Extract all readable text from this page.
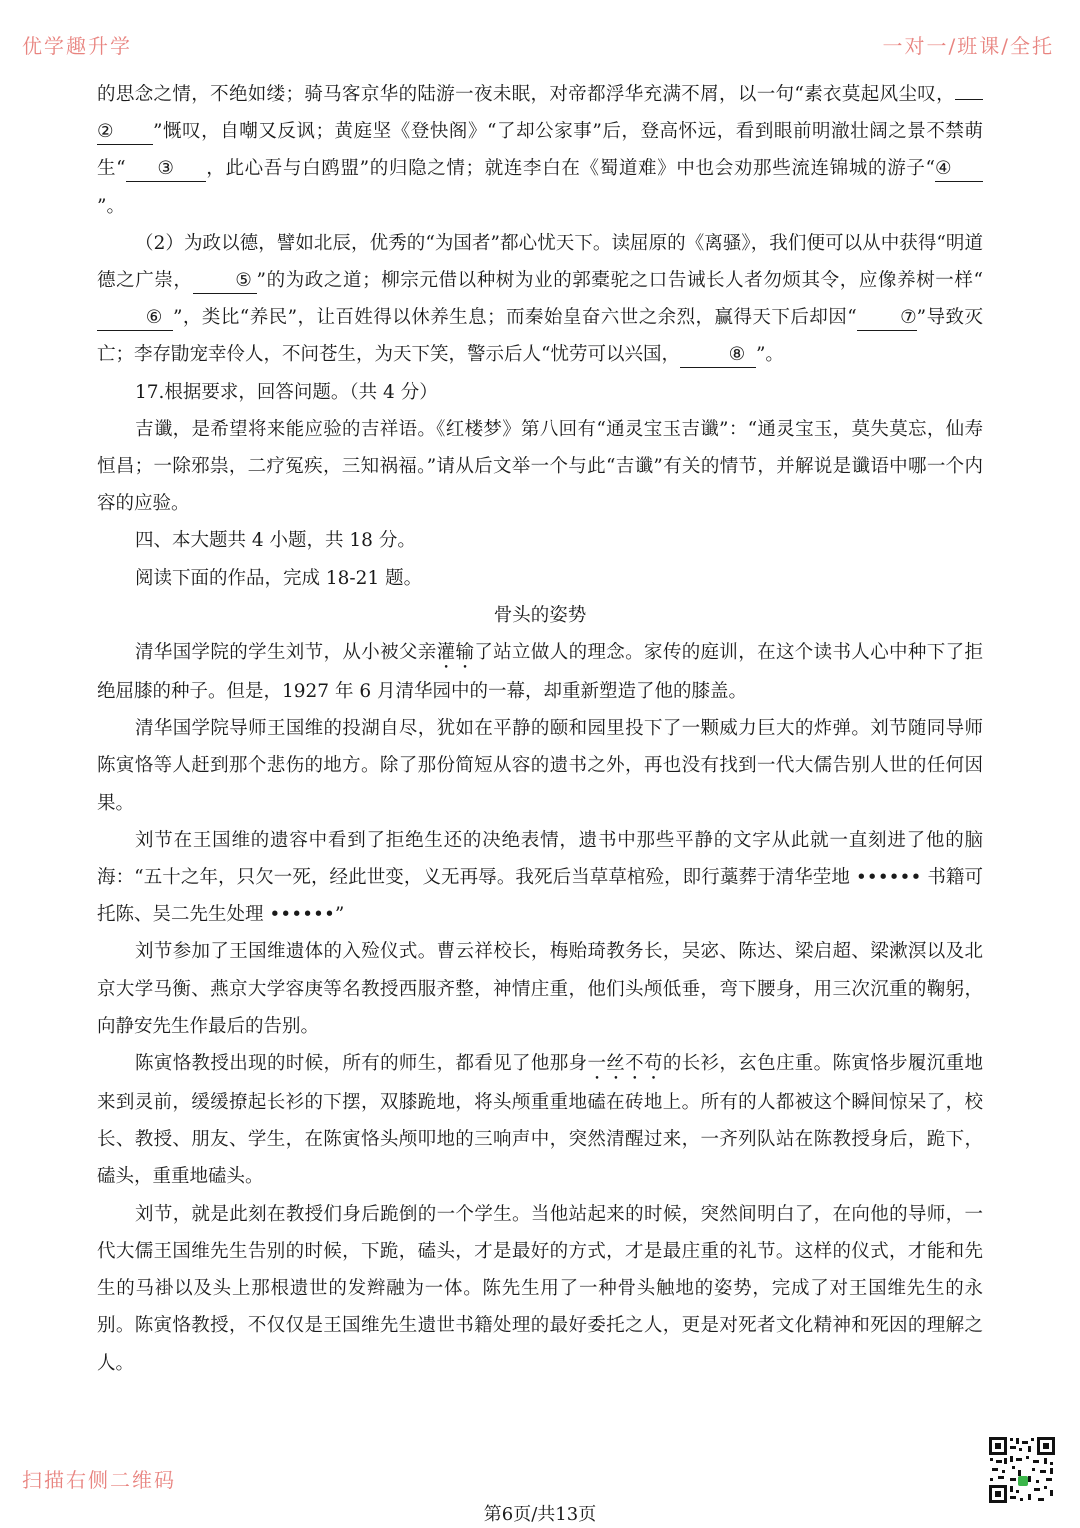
优学趣升学	一对一/班课/全托

的思念之情，不绝如缕；骑马客京华的陆游一夜未眠，对帝都浮华充满不屑，以一句“素衣莫起风尘叹， ② ”慨叹，自嘲又反讽；黄庭坚《登快阁》“了却公家事”后，登高怀远，看到眼前明澈壮阔之景不禁萌生“ ③ ，此心吾与白鸥盟”的归隐之情；就连李白在《蜀道难》中也会劝那些流连锦城的游子“④”。

（2）为政以德，譬如北辰，优秀的“为国者”都心忧天下。读屈原的《离骚》，我们便可以从中获得“明道德之广崇， ⑤ ”的为政之道；柳宗元借以种树为业的郭橐驼之口告诫长人者勿烦其令，应像养树一样“⑥ ”，类比“养民”，让百姓得以休养生息；而秦始皇奋六世之余烈，赢得天下后却因“ ⑦”导致灭亡；李存勖宠幸伶人，不问苍生，为天下笑，警示后人“忧劳可以兴国，	⑧ ”。

17.根据要求，回答问题。（共 4 分）

吉谶，是希望将来能应验的吉祥语。《红楼梦》第八回有“通灵宝玉吉谶”：“通灵宝玉，莫失莫忘，仙寿恒昌；一除邪祟，二疗冤疾，三知祸福。”请从后文举一个与此“吉谶”有关的情节，并解说是谶语中哪一个内容的应验。

四、本大题共 4 小题，共 18 分。

阅读下面的作品，完成 18-21 题。

骨头的姿势

清华国学院的学生刘节，从小被父亲灌输了站立做人的理念。家传的庭训，在这个读书人心中种下了拒绝屈膝的种子。但是，1927 年 6 月清华园中的一幕，却重新塑造了他的膝盖。

清华国学院导师王国维的投湖自尽，犹如在平静的颐和园里投下了一颗威力巨大的炸弹。刘节随同导师陈寅恪等人赶到那个悲伤的地方。除了那份简短从容的遗书之外，再也没有找到一代大儒告别人世的任何因果。

刘节在王国维的遗容中看到了拒绝生还的决绝表情，遗书中那些平静的文字从此就一直刻进了他的脑海：“五十之年，只欠一死，经此世变，义无再辱。我死后当草草棺殓，即行藁葬于清华茔地 •••••• 书籍可托陈、吴二先生处理 ••••••”

刘节参加了王国维遗体的入殓仪式。曹云祥校长，梅贻琦教务长，吴宓、陈达、梁启超、梁漱溟以及北京大学马衡、燕京大学容庚等名教授西服齐整，神情庄重，他们头颅低垂，弯下腰身，用三次沉重的鞠躬，向静安先生作最后的告别。

陈寅恪教授出现的时候，所有的师生，都看见了他那身一丝不苟的长衫，玄色庄重。陈寅恪步履沉重地来到灵前，缓缓撩起长衫的下摆，双膝跪地，将头颅重重地磕在砖地上。所有的人都被这个瞬间惊呆了，校长、教授、朋友、学生，在陈寅恪头颅叩地的三响声中，突然清醒过来，一齐列队站在陈教授身后，跪下，磕头，重重地磕头。

刘节，就是此刻在教授们身后跪倒的一个学生。当他站起来的时候，突然间明白了，在向他的导师，一代大儒王国维先生告别的时候，下跪，磕头，才是最好的方式，才是最庄重的礼节。这样的仪式，才能和先生的马褂以及头上那根遗世的发辫融为一体。陈先生用了一种骨头触地的姿势，完成了对王国维先生的永别。陈寅恪教授，不仅仅是王国维先生遗世书籍处理的最好委托之人，更是对死者文化精神和死因的理解之人。

扫描右侧二维码
第6页/共13页
